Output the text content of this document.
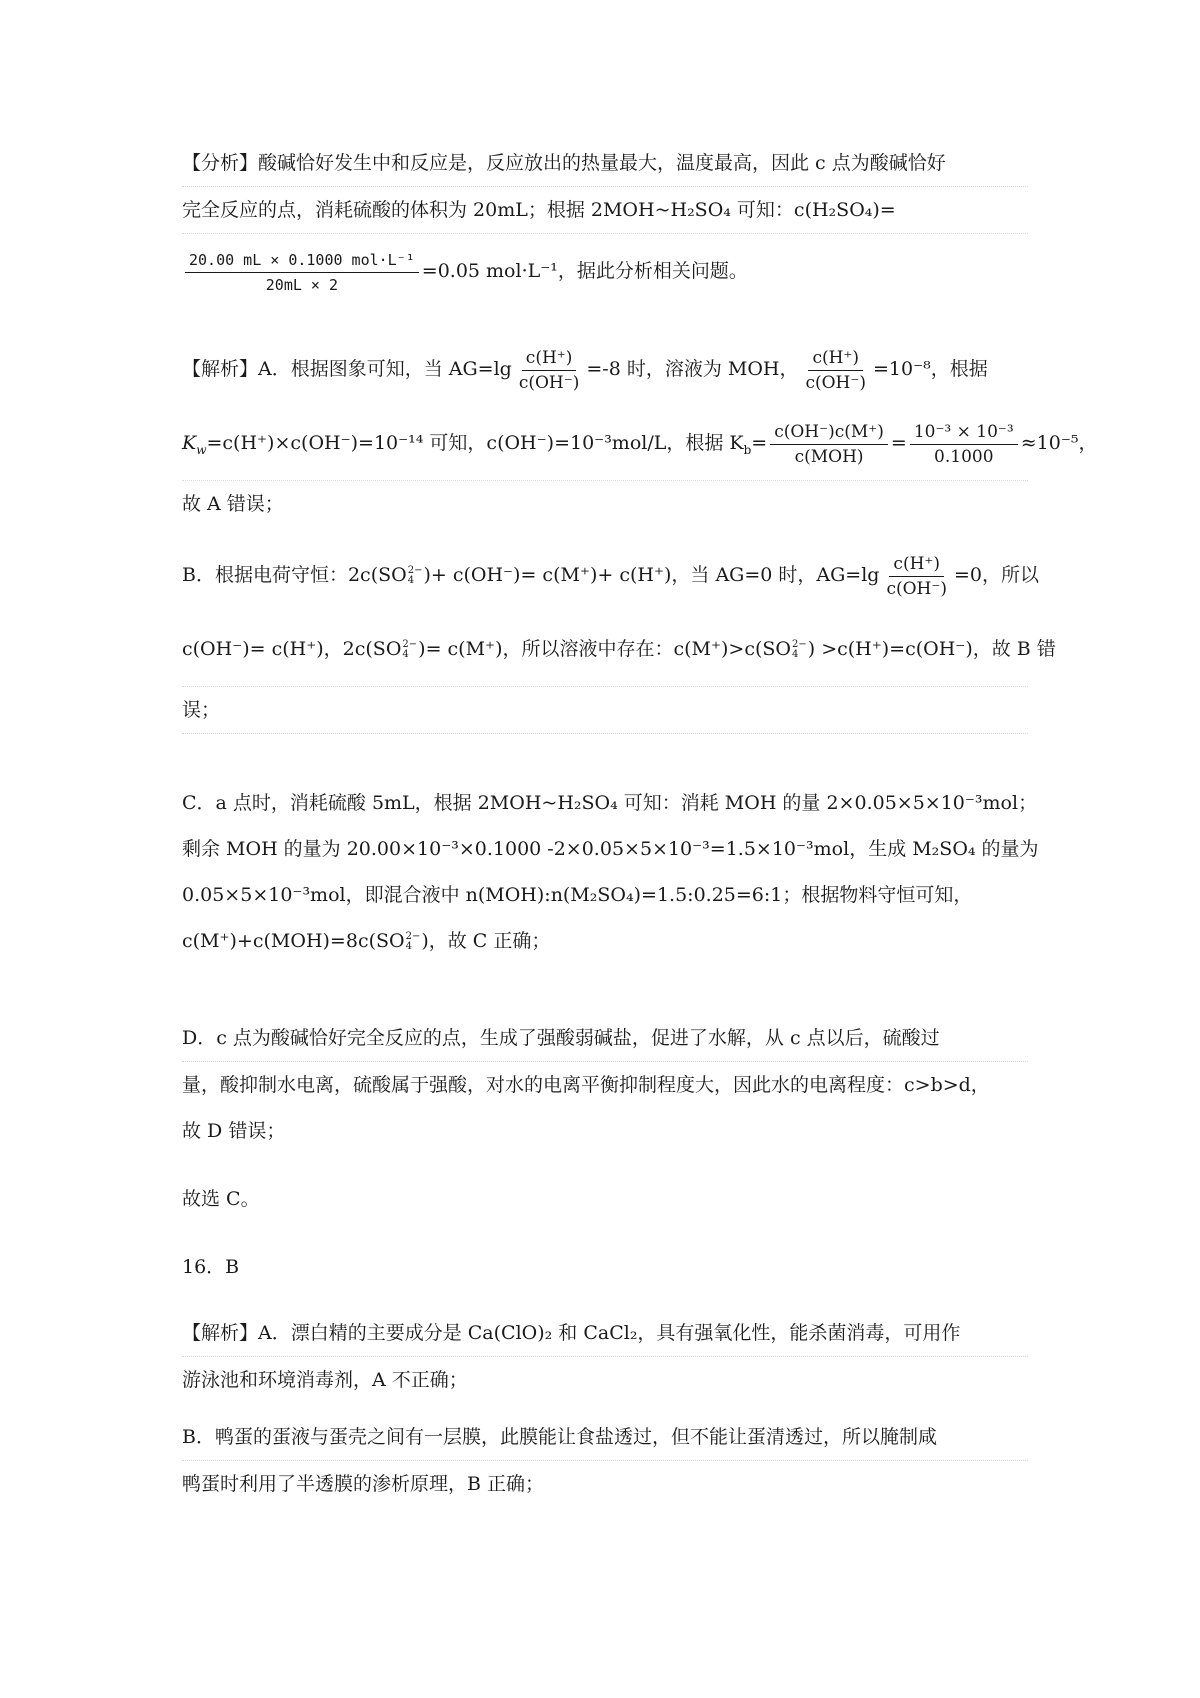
【分析】酸碱恰好发生中和反应是，反应放出的热量最大，温度最高，因此 c 点为酸碱恰好
完全反应的点，消耗硫酸的体积为 20mL；根据 2MOH~H₂SO₄ 可知：c(H₂SO₄)=
$\frac{\text{20.00 mL × 0.1000 mol·L⁻¹}}{20mL \times 2} =0.05$ mol·L⁻¹，据此分析相关问题。
【解析】A．根据图象可知，当 $AG=\lg \frac{c(H^+)}{c(OH^-)} =-8$ 时，溶液为 MOH， $\frac{c(H^+)}{c(OH^-)} =10^{-8}$，根据
$K_w=c(H^+)\times c(OH^-)=10^{-14}$ 可知，c(OH⁻)=10⁻³mol/L，根据 $K_b= \frac{c(OH^-)c(M^+)}{\text{c(MOH)}} = \frac{\text{10⁻³ × 10⁻³}}{0.1000} \approx 10^{-5}$，
故 A 错误；
B．根据电荷守恒：2c(SO 2−
4 )+ c(OH⁻)= c(M⁺)+ c(H⁺)，当 AG=0 时，$AG=\lg \frac{c(H^+)}{c(OH^-)} =0$，所以
c(OH⁻)= c(H⁺)，2c(SO 2−
4 )= c(M⁺)，所以溶液中存在：c(M⁺)>c(SO 2−
4 ) >c(H⁺)=c(OH⁻)，故 B 错
误；
C．a 点时，消耗硫酸 5mL，根据 2MOH~H₂SO₄ 可知：消耗 MOH 的量 2×0.05×5×10⁻³mol；
剩余 MOH 的量为 20.00×10⁻³×0.1000 -2×0.05×5×10⁻³=1.5×10⁻³mol，生成 M₂SO₄ 的量为
0.05×5×10⁻³mol，即混合液中 n(MOH):n(M₂SO₄)=1.5:0.25=6:1；根据物料守恒可知，
c(M⁺)+c(MOH)=8c(SO 2−
4 )，故 C 正确；
D．c 点为酸碱恰好完全反应的点，生成了强酸弱碱盐，促进了水解，从 c 点以后，硫酸过
量，酸抑制水电离，硫酸属于强酸，对水的电离平衡抑制程度大，因此水的电离程度：c>b>d，
故 D 错误；
故选 C。
16．B
【解析】A．漂白精的主要成分是 Ca(ClO)₂ 和 CaCl₂，具有强氧化性，能杀菌消毒，可用作
游泳池和环境消毒剂，A 不正确；
B．鸭蛋的蛋液与蛋壳之间有一层膜，此膜能让食盐透过，但不能让蛋清透过，所以腌制咸
鸭蛋时利用了半透膜的渗析原理，B 正确；
